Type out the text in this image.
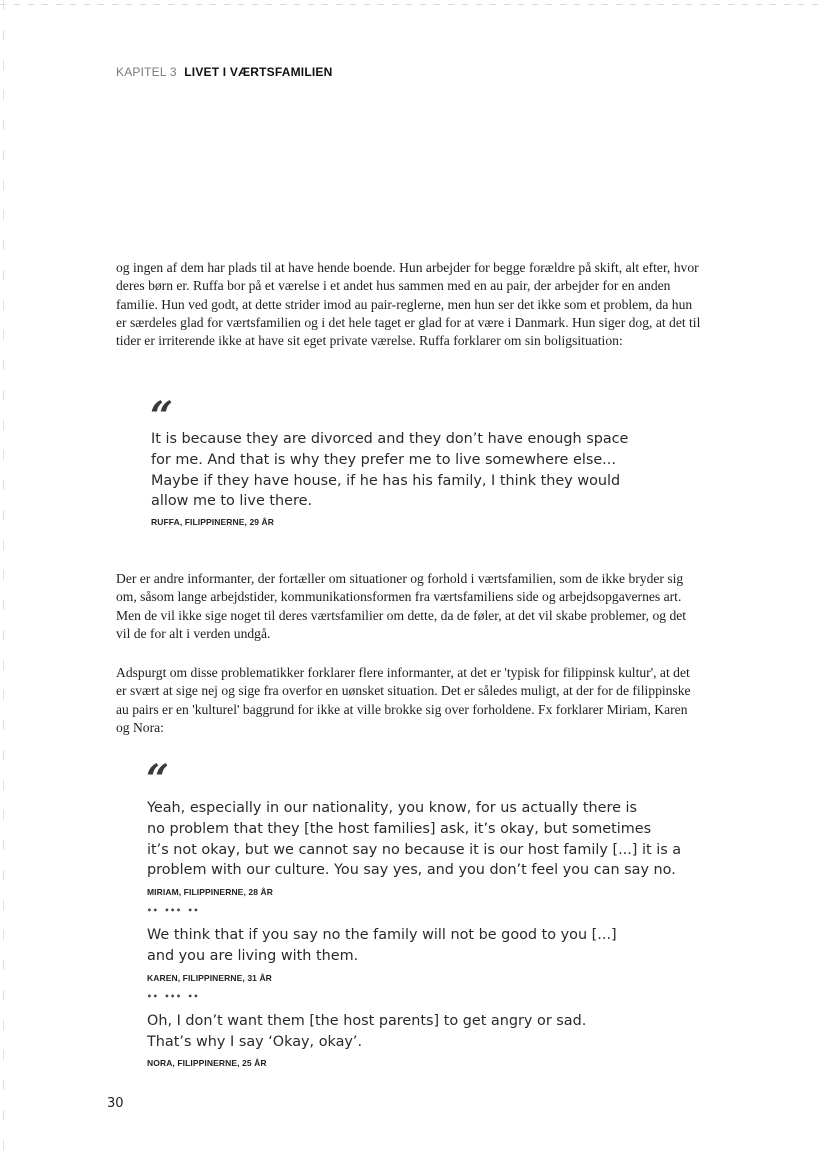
KAPITEL 3 LIVET I VÆRTSFAMILIEN

og ingen af dem har plads til at have hende boende. Hun arbejder for begge forældre på skift, alt efter, hvor deres børn er. Ruffa bor på et værelse i et andet hus sammen med en au pair, der arbejder for en anden familie. Hun ved godt, at dette strider imod au pair-reglerne, men hun ser det ikke som et problem, da hun er særdeles glad for værtsfamilien og i det hele taget er glad for at være i Danmark. Hun siger dog, at det til tider er irriterende ikke at have sit eget private værelse. Ruffa forklarer om sin boligsituation:

“
It is because they are divorced and they don’t have enough space
for me. And that is why they prefer me to live somewhere else...
Maybe if they have house, if he has his family, I think they would
allow me to live there.
RUFFA, FILIPPINERNE, 29 ÅR

Der er andre informanter, der fortæller om situationer og forhold i værtsfamilien, som de ikke bryder sig om, såsom lange arbejdstider, kommunikationsformen fra værtsfamiliens side og arbejdsopgavernes art. Men de vil ikke sige noget til deres værtsfamilier om dette, da de føler, at det vil skabe problemer, og det vil de for alt i verden undgå.

Adspurgt om disse problematikker forklarer flere informanter, at det er 'typisk for filippinsk kultur', at det er svært at sige nej og sige fra overfor en uønsket situation. Det er således muligt, at der for de filippinske au pairs er en 'kulturel' baggrund for ikke at ville brokke sig over forholdene. Fx forklarer Miriam, Karen og Nora:

“
Yeah, especially in our nationality, you know, for us actually there is
no problem that they [the host families] ask, it’s okay, but sometimes
it’s not okay, but we cannot say no because it is our host family [...] it is a
problem with our culture. You say yes, and you don’t feel you can say no.
MIRIAM, FILIPPINERNE, 28 ÅR
•• ••• ••
We think that if you say no the family will not be good to you [...]
and you are living with them.
KAREN, FILIPPINERNE, 31 ÅR
•• ••• ••
Oh, I don’t want them [the host parents] to get angry or sad.
That’s why I say ‘Okay, okay’.
NORA, FILIPPINERNE, 25 ÅR
30
